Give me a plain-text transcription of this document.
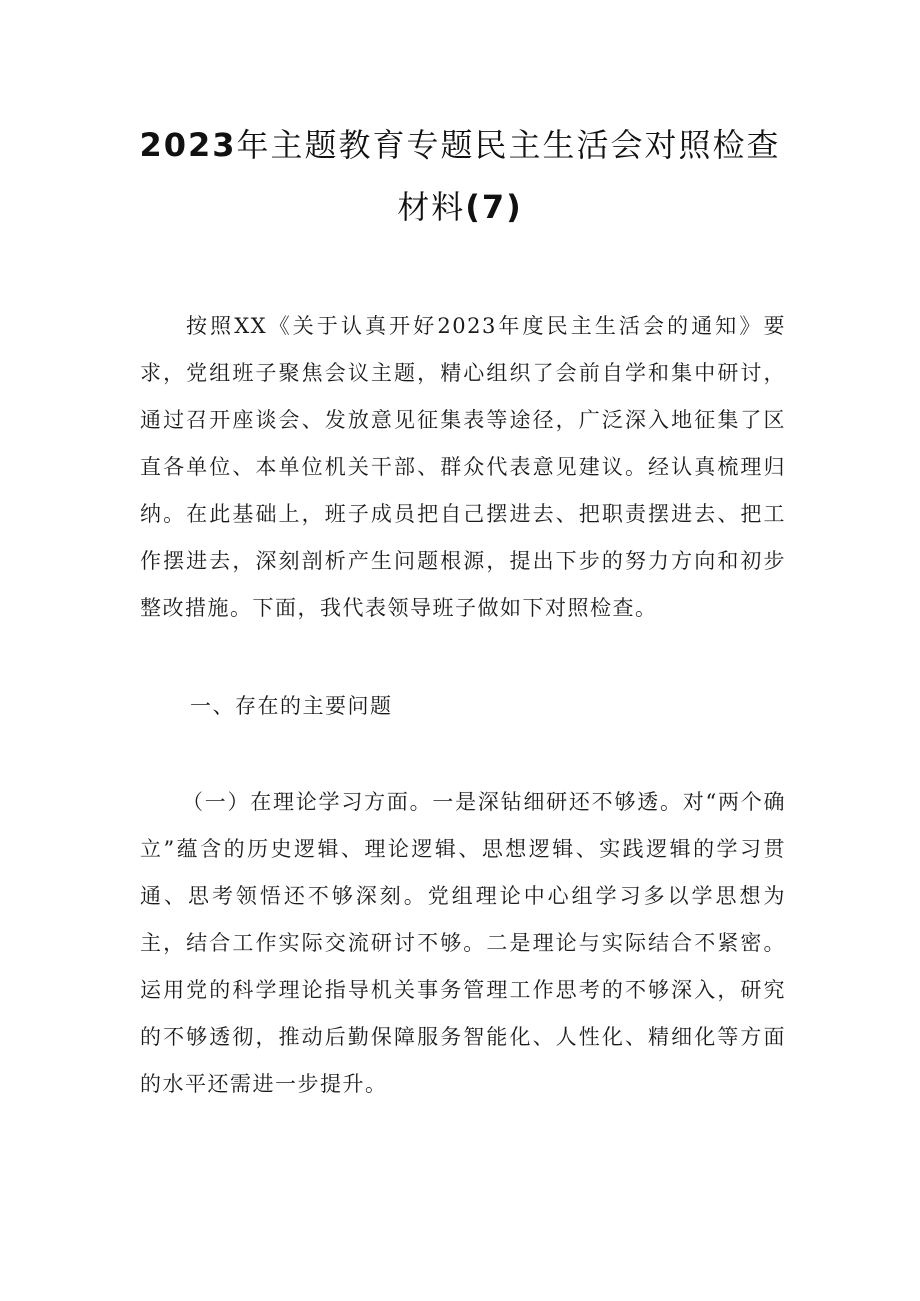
2023年主题教育专题民主生活会对照检查
材料(7)

按照XX《关于认真开好2023年度民主生活会的通知》要求，党组班子聚焦会议主题，精心组织了会前自学和集中研讨，通过召开座谈会、发放意见征集表等途径，广泛深入地征集了区直各单位、本单位机关干部、群众代表意见建议。经认真梳理归纳。在此基础上，班子成员把自己摆进去、把职责摆进去、把工作摆进去，深刻剖析产生问题根源，提出下步的努力方向和初步整改措施。下面，我代表领导班子做如下对照检查。

一、存在的主要问题

（一）在理论学习方面。一是深钻细研还不够透。对“两个确立”蕴含的历史逻辑、理论逻辑、思想逻辑、实践逻辑的学习贯通、思考领悟还不够深刻。党组理论中心组学习多以学思想为主，结合工作实际交流研讨不够。二是理论与实际结合不紧密。运用党的科学理论指导机关事务管理工作思考的不够深入，研究的不够透彻，推动后勤保障服务智能化、人性化、精细化等方面的水平还需进一步提升。
